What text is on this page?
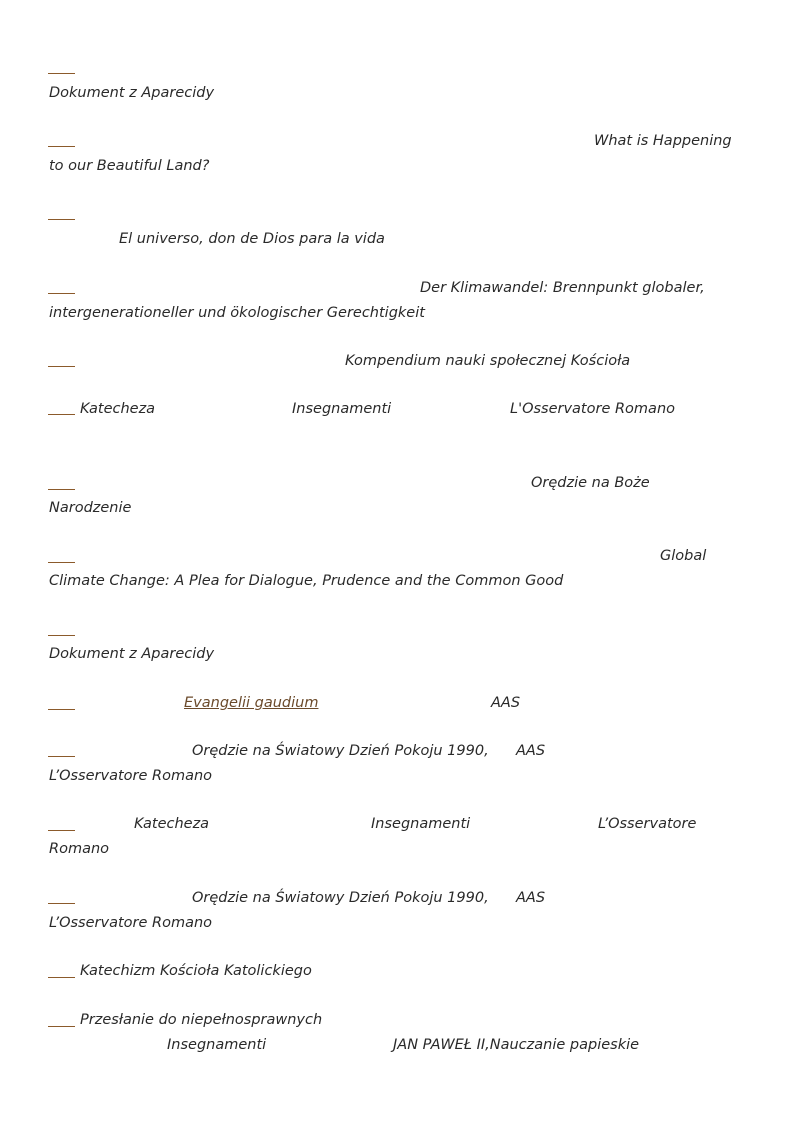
Dokument z Aparecidy
What is Happening
to our Beautiful Land?
El universo, don de Dios para la vida
Der Klimawandel: Brennpunkt globaler,
intergenerationeller und ökologischer Gerechtigkeit
Kompendium nauki społecznej Kościoła
Katecheza	Insegnamenti	L'Osservatore Romano
Orędzie na Boże
Narodzenie
Global
Climate Change: A Plea for Dialogue, Prudence and the Common Good
Dokument z Aparecidy
Evangelii gaudium	AAS
Orędzie na Światowy Dzień Pokoju 1990, AAS
L’Osservatore Romano
Katecheza	Insegnamenti	L’Osservatore
Romano
Orędzie na Światowy Dzień Pokoju 1990, AAS
L’Osservatore Romano
Katechizm Kościoła Katolickiego
Przesłanie do niepełnosprawnych
Insegnamenti	JAN PAWEŁ II,Nauczanie papieskie
